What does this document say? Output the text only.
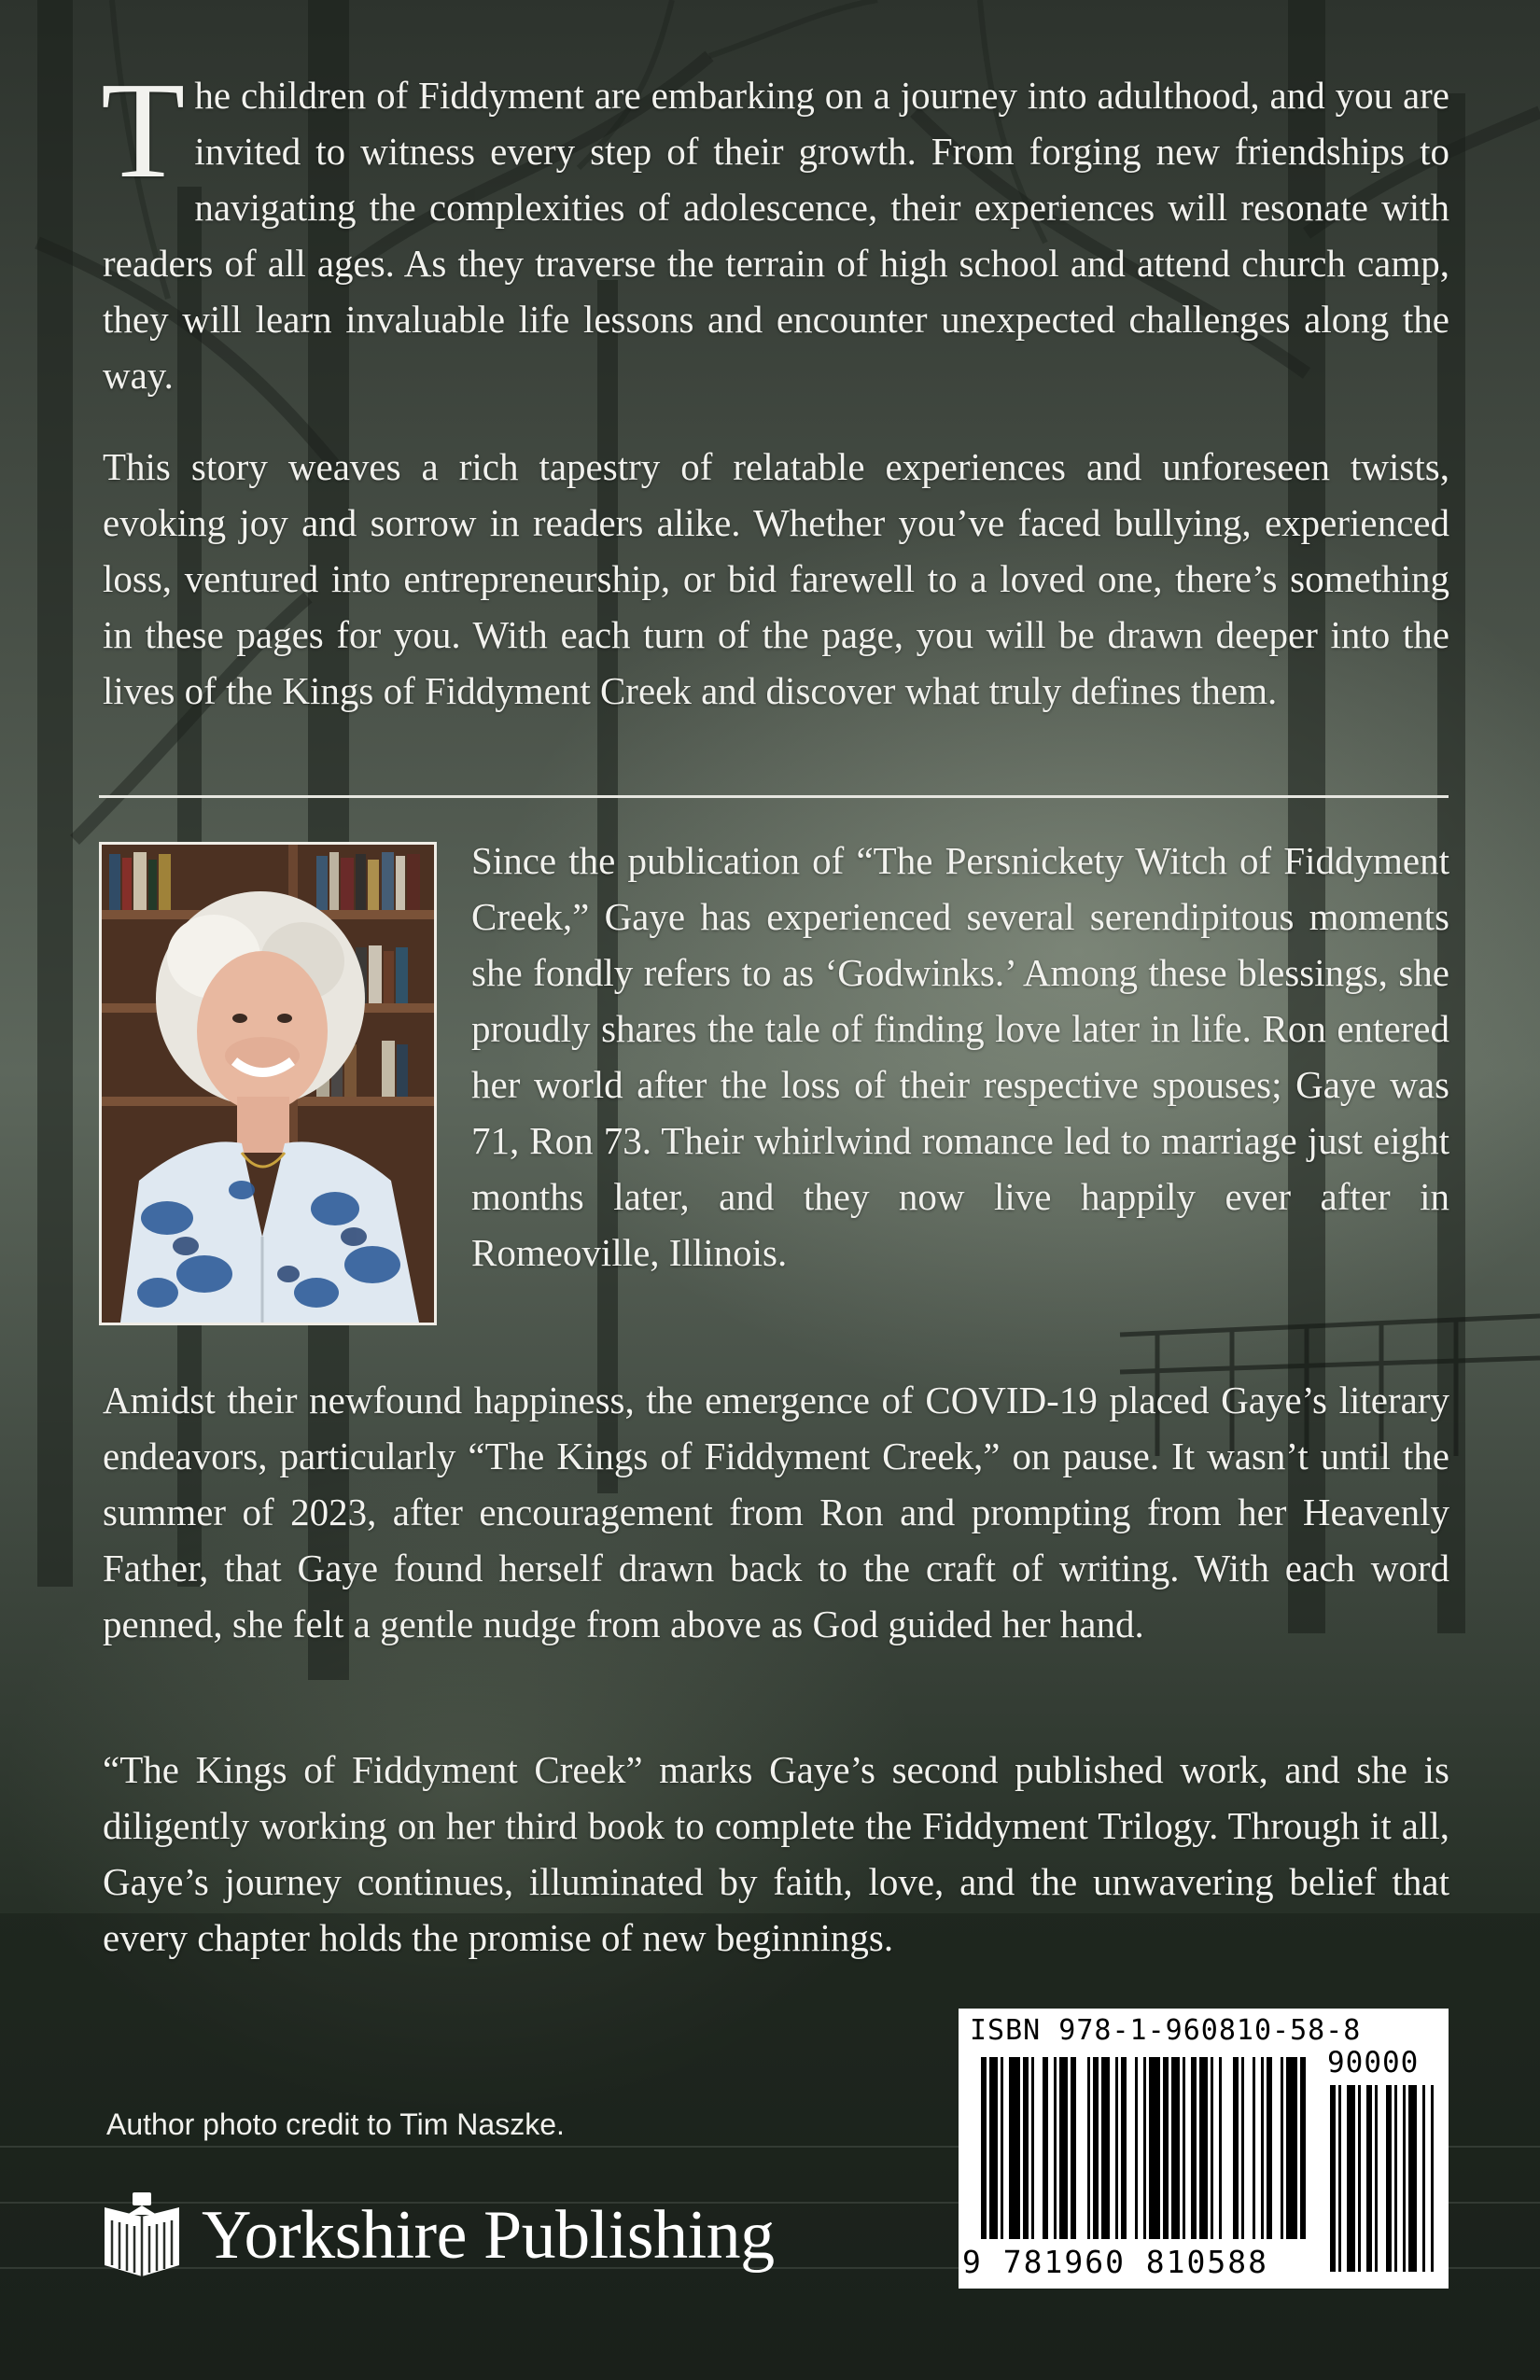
The children of Fiddyment are embarking on a journey into adulthood, and you are invited to witness every step of their growth. From forging new friendships to navigating the complexities of adolescence, their experiences will resonate with readers of all ages. As they traverse the terrain of high school and attend church camp, they will learn invaluable life lessons and encounter unexpected challenges along the way.

This story weaves a rich tapestry of relatable experiences and unforeseen twists, evoking joy and sorrow in readers alike. Whether you’ve faced bullying, experienced loss, ventured into entrepreneurship, or bid farewell to a loved one, there’s something in these pages for you. With each turn of the page, you will be drawn deeper into the lives of the Kings of Fiddyment Creek and discover what truly defines them.

Since the publication of “The Persnickety Witch of Fiddyment Creek,” Gaye has experienced several serendipitous moments she fondly refers to as ‘Godwinks.’ Among these blessings, she proudly shares the tale of finding love later in life. Ron entered her world after the loss of their respective spouses; Gaye was 71, Ron 73. Their whirlwind romance led to marriage just eight months later, and they now live happily ever after in Romeoville, Illinois.

Amidst their newfound happiness, the emergence of COVID-19 placed Gaye’s literary endeavors, particularly “The Kings of Fiddyment Creek,” on pause. It wasn’t until the summer of 2023, after encouragement from Ron and prompting from her Heavenly Father, that Gaye found herself drawn back to the craft of writing. With each word penned, she felt a gentle nudge from above as God guided her hand.

“The Kings of Fiddyment Creek” marks Gaye’s second published work, and she is diligently working on her third book to complete the Fiddyment Trilogy. Through it all, Gaye’s journey continues, illuminated by faith, love, and the unwavering belief that every chapter holds the promise of new beginnings.

Author photo credit to Tim Naszke.
Yorkshire Publishing
ISBN 978-1-960810-58-8
90000
9 781960 810588
